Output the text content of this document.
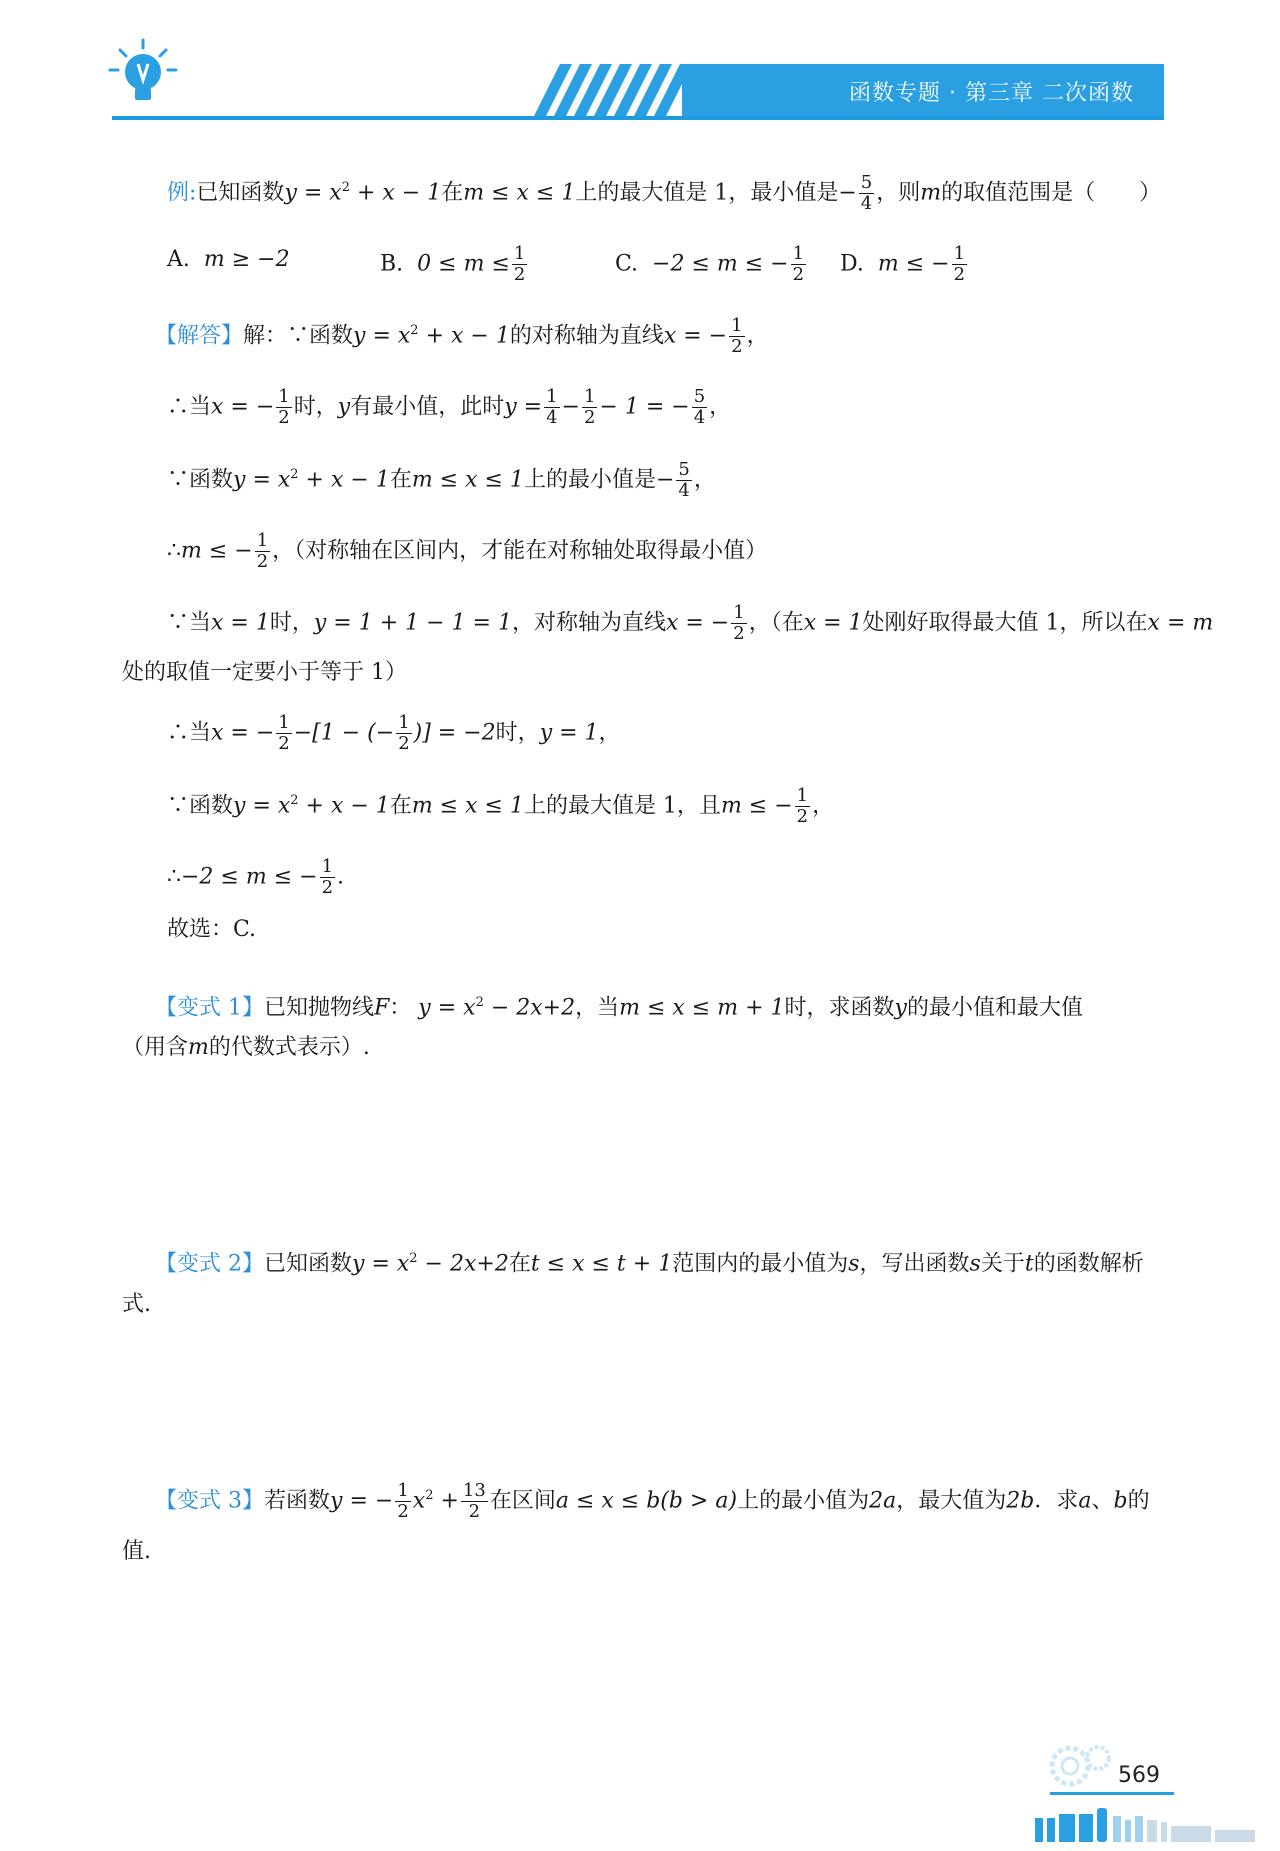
函数专题 · 第三章 二次函数
例:已知函数$y = x^2 + x - 1$在m ≤ x ≤ 1上的最大值是 1，最小值是− $\frac{5}{4}$ ，则m的取值范围是（　　）
A. m ≥ −2	B. $0 \le m \le \frac{1}{2}$	C. −2 ≤ m ≤ − $\frac{1}{2} D$. m ≤ − $\frac{1}{2}$
【解答】解：∵函数$y = x^2 + x - 1$的对称轴为直线x = − $\frac{1}{2}$ ，
∴当x = − $\frac{1}{2}$ 时，y有最小值，此时$y = \frac{1}{4} - \frac{1}{2} - 1$ = − $\frac{5}{4}$ ，
∵函数$y = x^2 + x - 1$在m ≤ x ≤ 1上的最小值是− $\frac{5}{4}$ ，
∴m ≤ − $\frac{1}{2}$ ，（对称轴在区间内，才能在对称轴处取得最小值）
∵当x = 1时，y = 1 + 1 − 1 = 1，对称轴为直线x = − $\frac{1}{2}$ ，（在x = 1处刚好取得最大值 1，所以在x = m
处的取值一定要小于等于 1）
∴当x = − $\frac{1}{2} -[1$ − (− $\frac{1}{2}$ )] = −2时，y = 1，
∵函数$y = x^2 + x - 1$在m ≤ x ≤ 1上的最大值是 1，且m ≤ − $\frac{1}{2}$ ，
∴−2 ≤ m ≤ − $\frac{1}{2}$ .
故选：C.
【变式 1】已知抛物线F： $y = x^2 - 2x+2$，当m ≤ x ≤ m + 1时，求函数y的最小值和最大值
（用含m的代数式表示）.
【变式 2】已知函数$y = x^2 - 2x+2$在t ≤ x ≤ t + 1范围内的最小值为s，写出函数s关于t的函数解析
式.
【变式 3】若函数y = − $\frac{1}{2} x^2 + \frac{13}{2}$ 在区间a ≤ x ≤ b(b > a)上的最小值为2a，最大值为2b．求a、b的
值.
569
